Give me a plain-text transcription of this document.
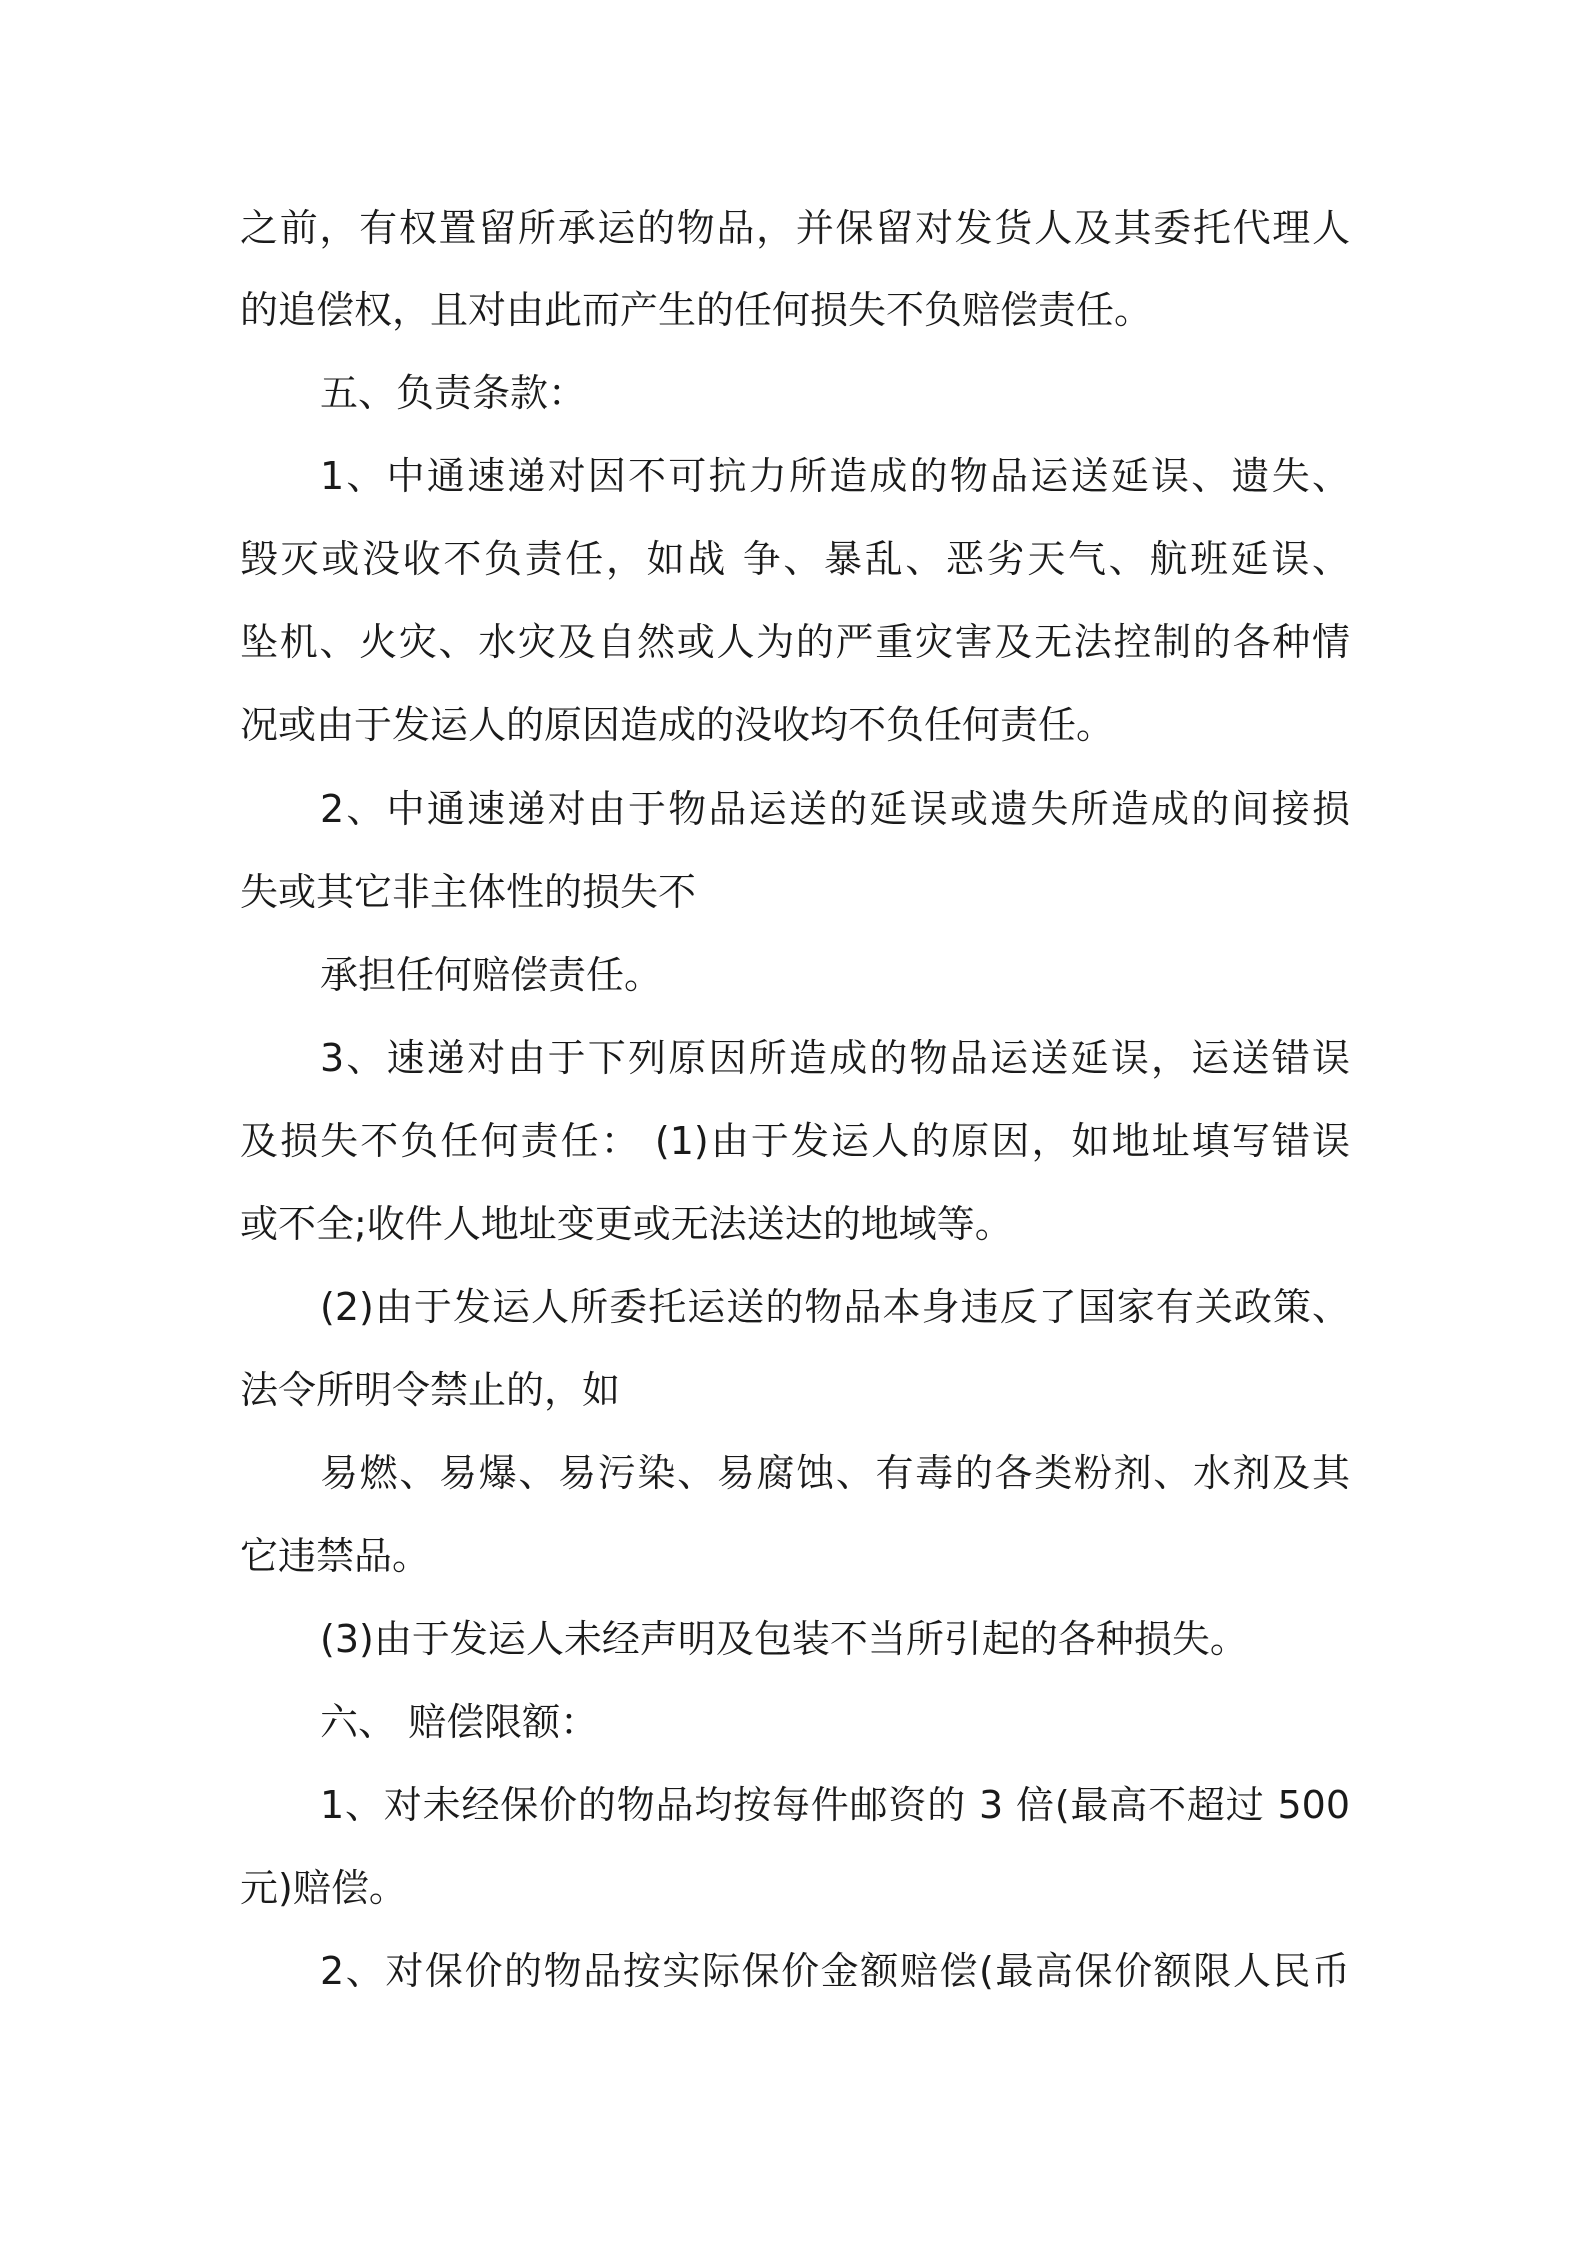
之前，有权置留所承运的物品，并保留对发货人及其委托代理人
的追偿权，且对由此而产生的任何损失不负赔偿责任。
五、负责条款：
1、中通速递对因不可抗力所造成的物品运送延误、遗失、
毁灭或没收不负责任，如战 争、暴乱、恶劣天气、航班延误、
坠机、火灾、水灾及自然或人为的严重灾害及无法控制的各种情
况或由于发运人的原因造成的没收均不负任何责任。
2、中通速递对由于物品运送的延误或遗失所造成的间接损
失或其它非主体性的损失不
承担任何赔偿责任。
3、速递对由于下列原因所造成的物品运送延误，运送错误
及损失不负任何责任： (1)由于发运人的原因，如地址填写错误
或不全;收件人地址变更或无法送达的地域等。
(2)由于发运人所委托运送的物品本身违反了国家有关政策、
法令所明令禁止的，如
易燃、易爆、易污染、易腐蚀、有毒的各类粉剂、水剂及其
它违禁品。
(3)由于发运人未经声明及包装不当所引起的各种损失。
六、 赔偿限额：
1、对未经保价的物品均按每件邮资的 3 倍(最高不超过 500
元)赔偿。
2、对保价的物品按实际保价金额赔偿(最高保价额限人民币
